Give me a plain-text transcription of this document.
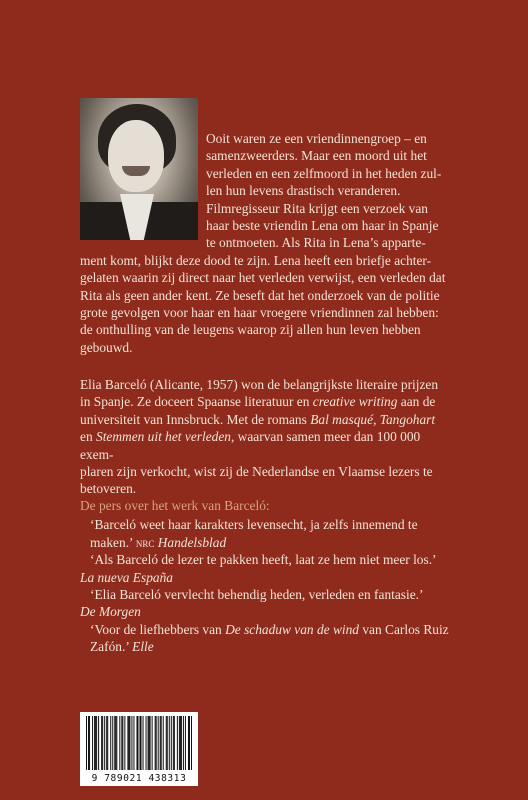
Ooit waren ze een vriendinnengroep – en
samenzweerders. Maar een moord uit het
verleden en een zelfmoord in het heden zul-
len hun levens drastisch veranderen.
Filmregisseur Rita krijgt een verzoek van
haar beste vriendin Lena om haar in Spanje
te ontmoeten. Als Rita in Lena’s apparte-

ment komt, blijkt deze dood te zijn. Lena heeft een briefje achter-
gelaten waarin zij direct naar het verleden verwijst, een verleden dat
Rita als geen ander kent. Ze beseft dat het onderzoek van de politie
grote gevolgen voor haar en haar vroegere vriendinnen zal hebben:
de onthulling van de leugens waarop zij allen hun leven hebben
gebouwd.

Elia Barceló (Alicante, 1957) won de belangrijkste literaire prijzen
in Spanje. Ze doceert Spaanse literatuur en creative writing aan de
universiteit van Innsbruck. Met de romans Bal masqué, Tangohart
en Stemmen uit het verleden, waarvan samen meer dan 100 000 exem-
plaren zijn verkocht, wist zij de Nederlandse en Vlaamse lezers te
betoveren.

De pers over het werk van Barceló:

‘Barceló weet haar karakters levensecht, ja zelfs innemend te
maken.’ nrc Handelsblad

‘Als Barceló de lezer te pakken heeft, laat ze hem niet meer los.’
La nueva España

‘Elia Barceló vervlecht behendig heden, verleden en fantasie.’
De Morgen

‘Voor de liefhebbers van De schaduw van de wind van Carlos Ruiz
Zafón.’ Elle

9 789021 438313
